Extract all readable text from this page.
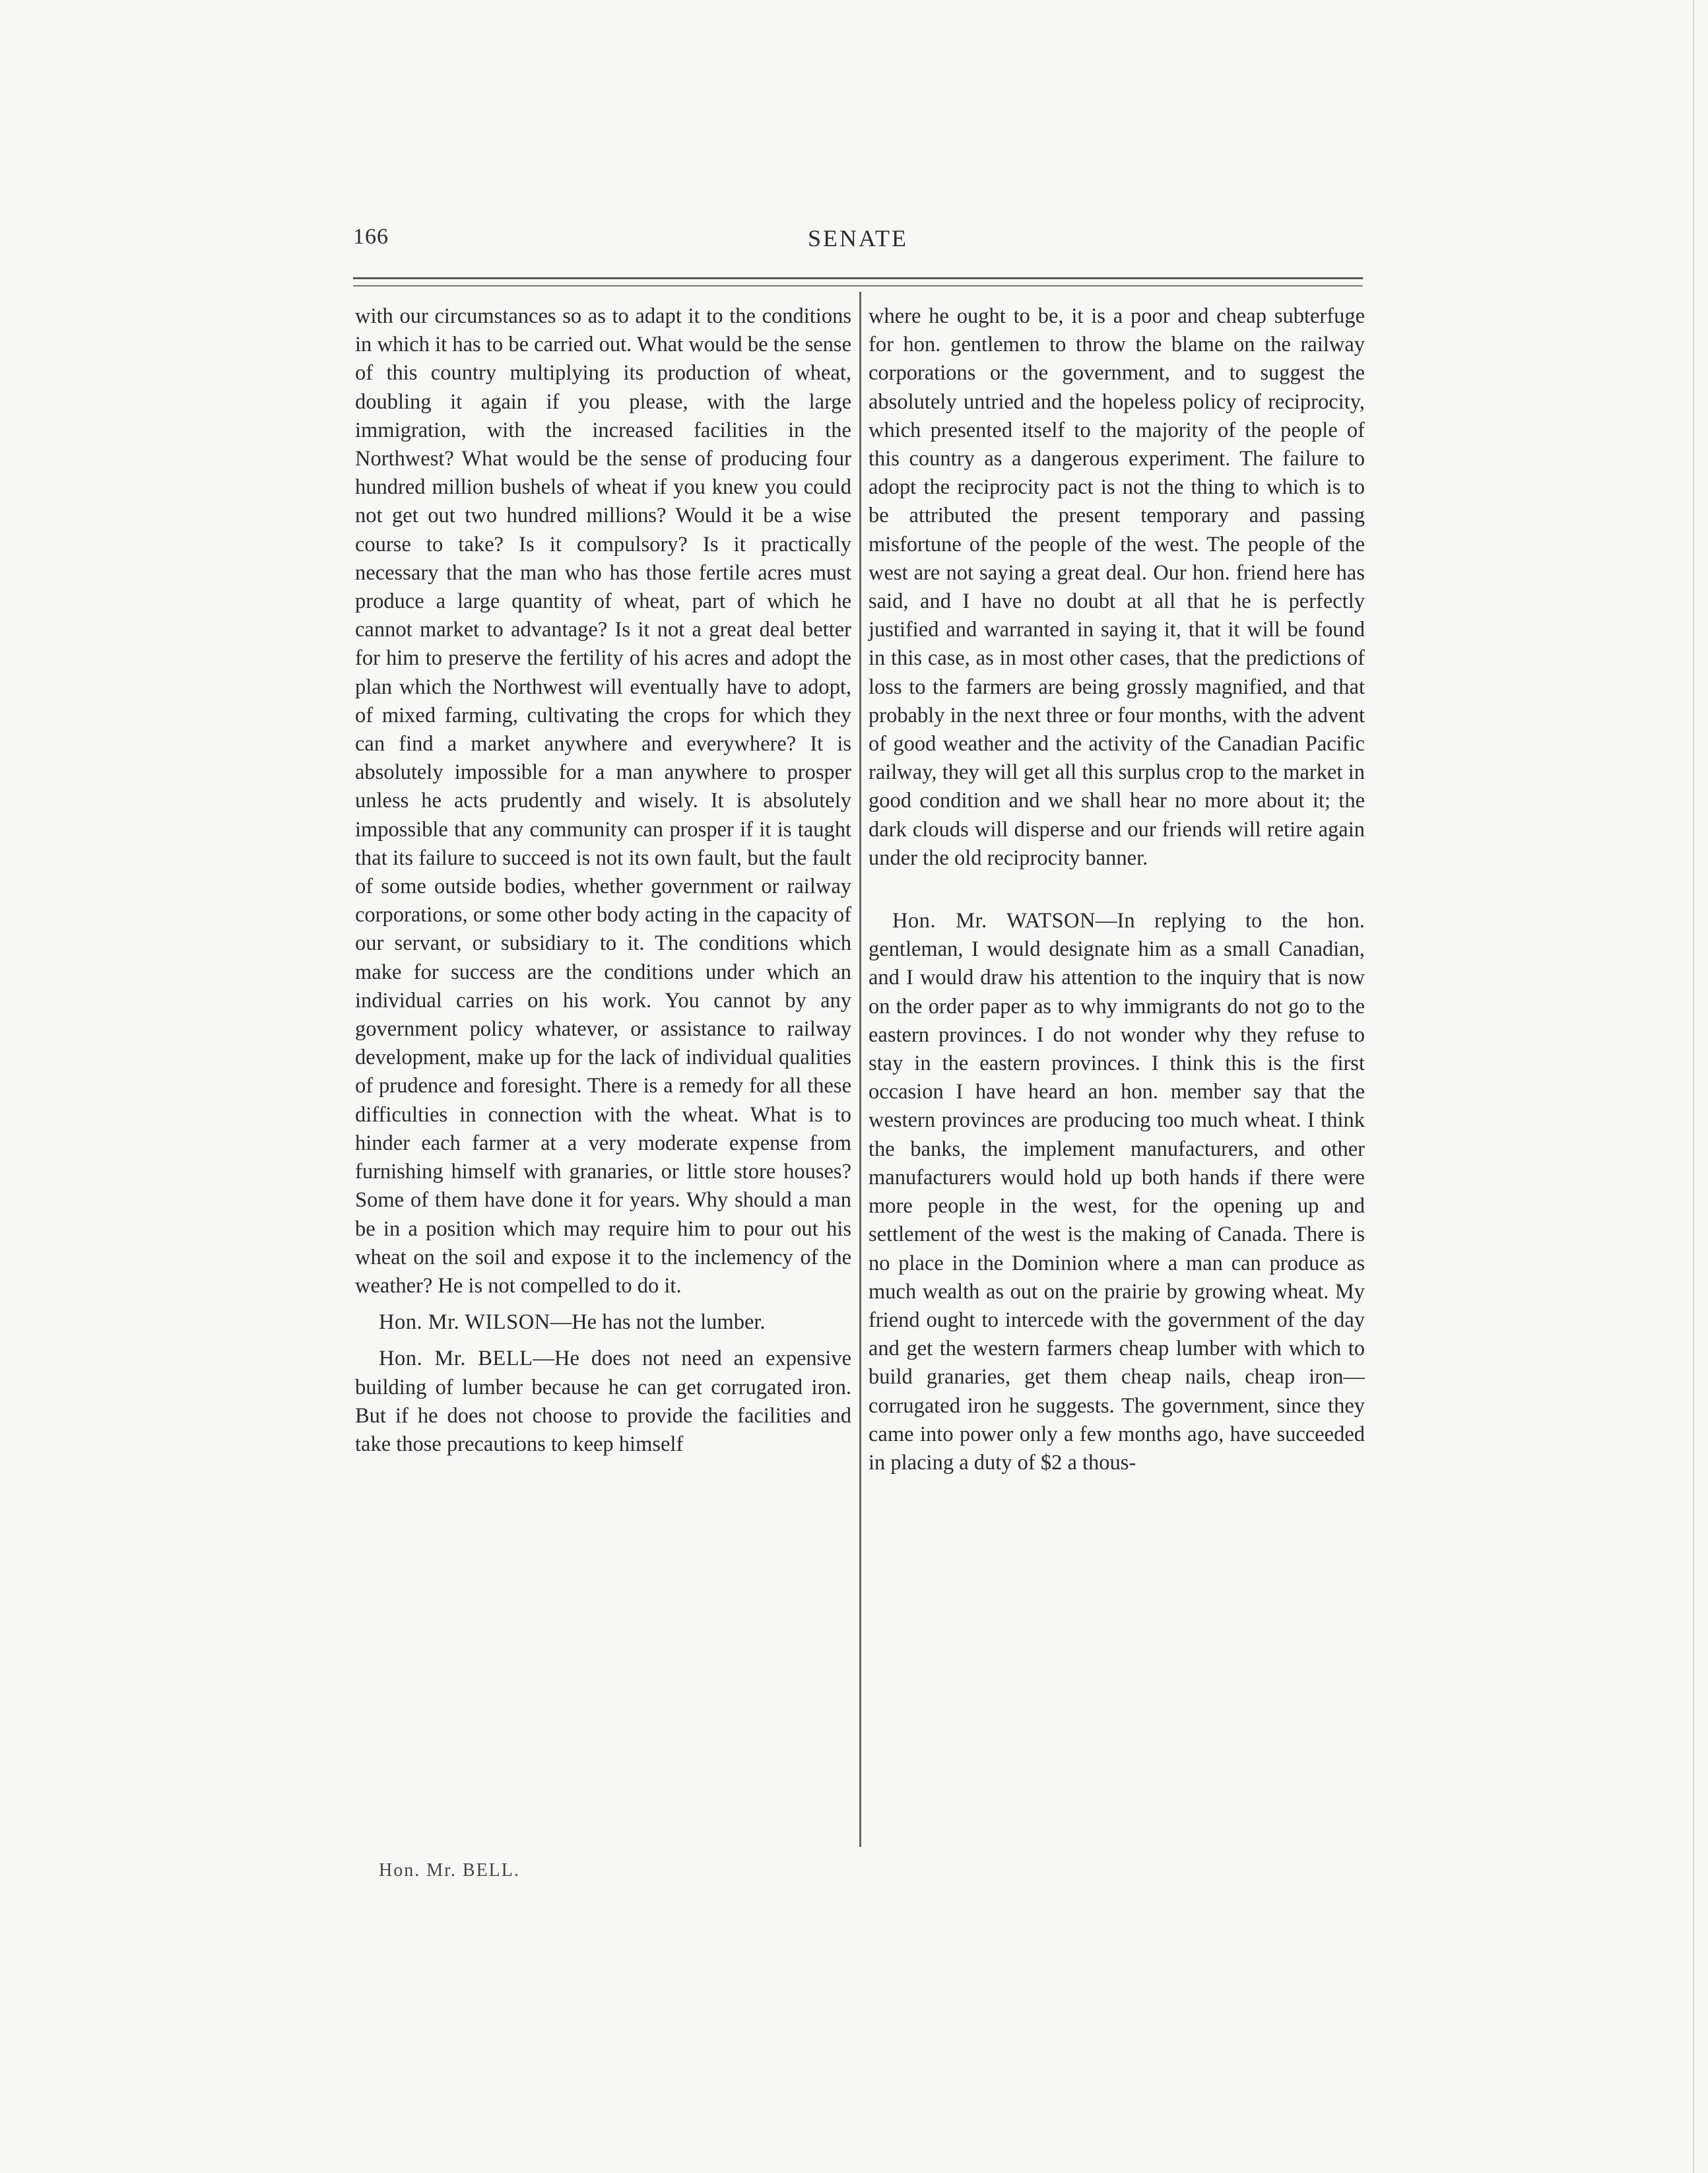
166	SENATE

with our circumstances so as to adapt it to the conditions in which it has to be carried out. What would be the sense of this country multiplying its production of wheat, doubling it again if you please, with the large immigration, with the increased facilities in the Northwest? What would be the sense of producing four hundred million bushels of wheat if you knew you could not get out two hundred millions? Would it be a wise course to take? Is it compulsory? Is it practically necessary that the man who has those fertile acres must produce a large quantity of wheat, part of which he cannot market to advantage? Is it not a great deal better for him to preserve the fertility of his acres and adopt the plan which the Northwest will eventually have to adopt, of mixed farming, cultivating the crops for which they can find a market anywhere and everywhere? It is absolutely impossible for a man anywhere to prosper unless he acts prudently and wisely. It is absolutely impossible that any community can prosper if it is taught that its failure to succeed is not its own fault, but the fault of some outside bodies, whether government or railway corporations, or some other body acting in the capacity of our servant, or subsidiary to it. The conditions which make for success are the conditions under which an individual carries on his work. You cannot by any government policy whatever, or assistance to railway development, make up for the lack of individual qualities of prudence and foresight. There is a remedy for all these difficulties in connection with the wheat. What is to hinder each farmer at a very moderate expense from furnishing himself with granaries, or little store houses? Some of them have done it for years. Why should a man be in a position which may require him to pour out his wheat on the soil and expose it to the inclemency of the weather? He is not compelled to do it.

Hon. Mr. WILSON—He has not the lumber.

Hon. Mr. BELL—He does not need an expensive building of lumber because he can get corrugated iron. But if he does not choose to provide the facilities and take those precautions to keep himself

where he ought to be, it is a poor and cheap subterfuge for hon. gentlemen to throw the blame on the railway corporations or the government, and to suggest the absolutely untried and the hopeless policy of reciprocity, which presented itself to the majority of the people of this country as a dangerous experiment. The failure to adopt the reciprocity pact is not the thing to which is to be attributed the present temporary and passing misfortune of the people of the west. The people of the west are not saying a great deal. Our hon. friend here has said, and I have no doubt at all that he is perfectly justified and warranted in saying it, that it will be found in this case, as in most other cases, that the predictions of loss to the farmers are being grossly magnified, and that probably in the next three or four months, with the advent of good weather and the activity of the Canadian Pacific railway, they will get all this surplus crop to the market in good condition and we shall hear no more about it; the dark clouds will disperse and our friends will retire again under the old reciprocity banner.

Hon. Mr. WATSON—In replying to the hon. gentleman, I would designate him as a small Canadian, and I would draw his attention to the inquiry that is now on the order paper as to why immigrants do not go to the eastern provinces. I do not wonder why they refuse to stay in the eastern provinces. I think this is the first occasion I have heard an hon. member say that the western provinces are producing too much wheat. I think the banks, the implement manufacturers, and other manufacturers would hold up both hands if there were more people in the west, for the opening up and settlement of the west is the making of Canada. There is no place in the Dominion where a man can produce as much wealth as out on the prairie by growing wheat. My friend ought to intercede with the government of the day and get the western farmers cheap lumber with which to build granaries, get them cheap nails, cheap iron—corrugated iron he suggests. The government, since they came into power only a few months ago, have succeeded in placing a duty of $2 a thous-

Hon. Mr. BELL.
